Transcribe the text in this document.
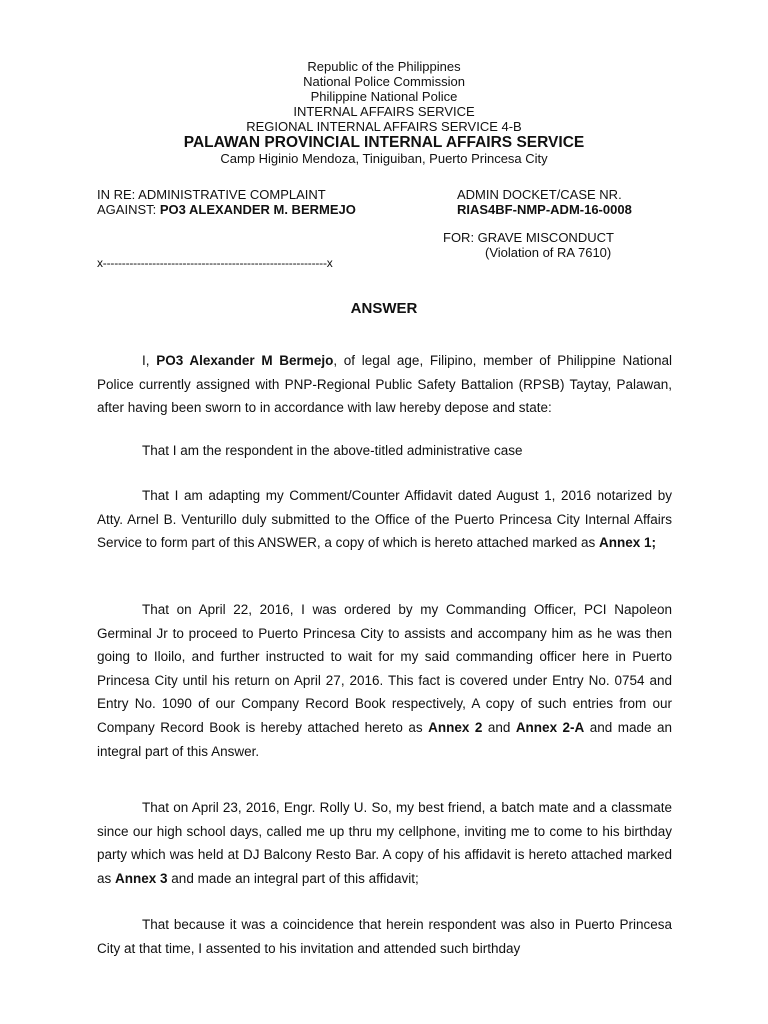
Republic of the Philippines
National Police Commission
Philippine National Police
INTERNAL AFFAIRS SERVICE
REGIONAL INTERNAL AFFAIRS SERVICE 4-B
PALAWAN PROVINCIAL INTERNAL AFFAIRS SERVICE
Camp Higinio Mendoza, Tiniguiban, Puerto Princesa City
IN RE: ADMINISTRATIVE COMPLAINT
AGAINST: PO3 ALEXANDER M. BERMEJO
ADMIN DOCKET/CASE NR.
RIAS4BF-NMP-ADM-16-0008
FOR: GRAVE MISCONDUCT
(Violation of RA 7610)
x-----------------------------------------------------------x
ANSWER
I, PO3 Alexander M Bermejo, of legal age, Filipino, member of Philippine National Police currently assigned with PNP-Regional Public Safety Battalion (RPSB) Taytay, Palawan, after having been sworn to in accordance with law hereby depose and state:
That I am the respondent in the above-titled administrative case
That I am adapting my Comment/Counter Affidavit dated August 1, 2016 notarized by Atty. Arnel B. Venturillo duly submitted to the Office of the Puerto Princesa City Internal Affairs Service to form part of this ANSWER, a copy of which is hereto attached marked as Annex 1;
That on April 22, 2016, I was ordered by my Commanding Officer, PCI Napoleon Germinal Jr to proceed to Puerto Princesa City to assists and accompany him as he was then going to Iloilo, and further instructed to wait for my said commanding officer here in Puerto Princesa City until his return on April 27, 2016. This fact is covered under Entry No. 0754 and Entry No. 1090 of our Company Record Book respectively, A copy of such entries from our Company Record Book is hereby attached hereto as Annex 2 and Annex 2-A and made an integral part of this Answer.
That on April 23, 2016, Engr. Rolly U. So, my best friend, a batch mate and a classmate since our high school days, called me up thru my cellphone, inviting me to come to his birthday party which was held at DJ Balcony Resto Bar. A copy of his affidavit is hereto attached marked as Annex 3 and made an integral part of this affidavit;
That because it was a coincidence that herein respondent was also in Puerto Princesa City at that time, I assented to his invitation and attended such birthday
